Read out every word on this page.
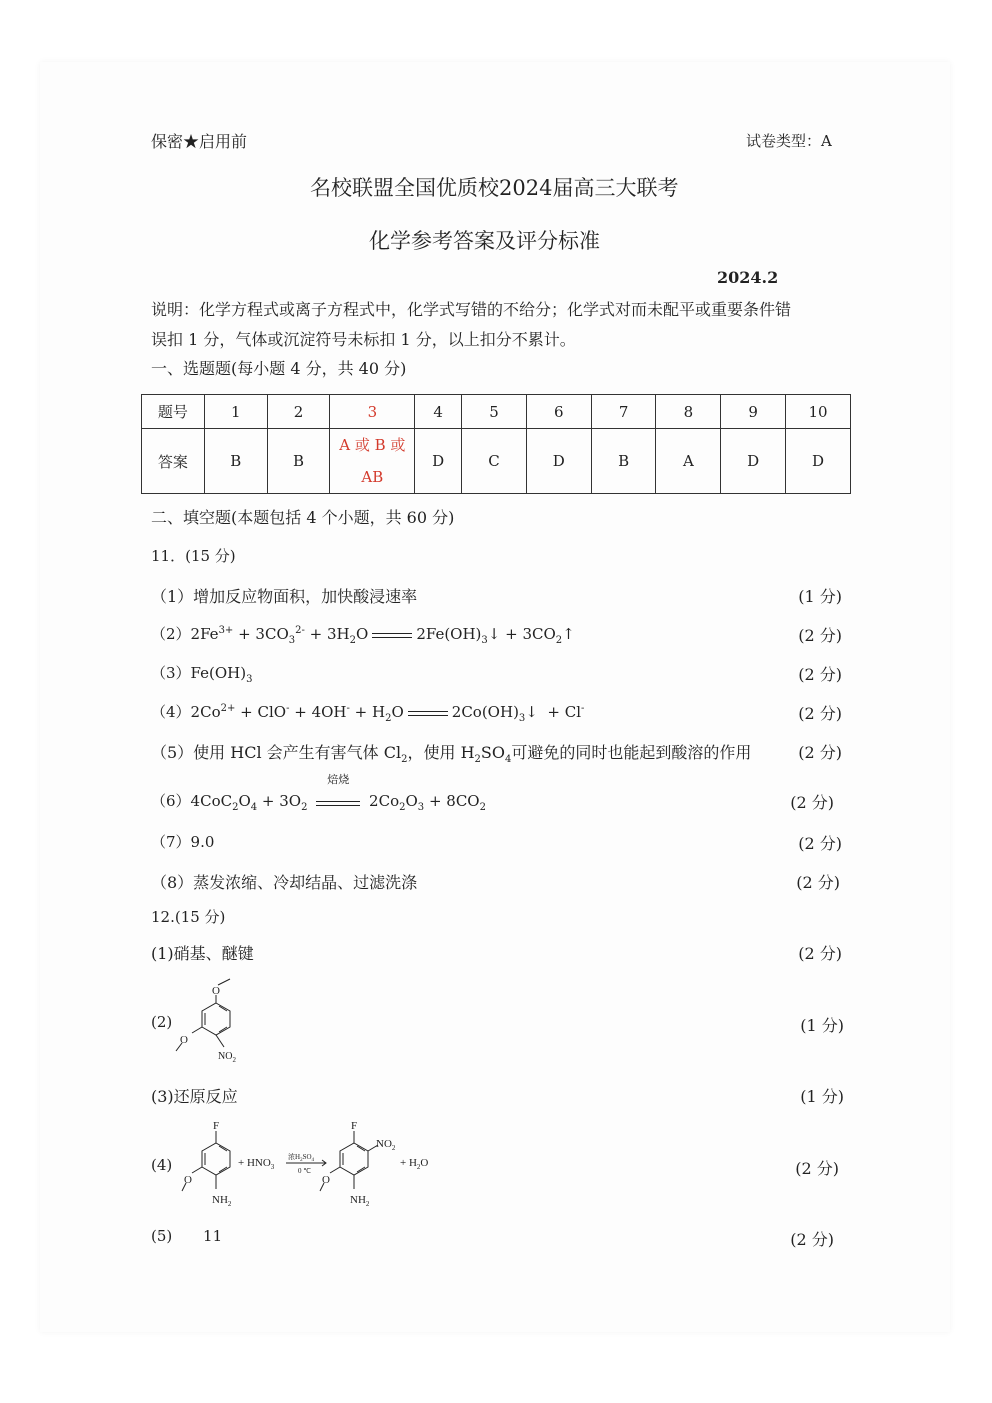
保密★启用前	试卷类型：A
名校联盟全国优质校2024届高三大联考
化学参考答案及评分标准
2024.2
说明：化学方程式或离子方程式中，化学式写错的不给分；化学式对而未配平或重要条件错
误扣 1 分，气体或沉淀符号未标扣 1 分，以上扣分不累计。
一、选题题(每小题 4 分，共 40 分)
题号	1	2	3	4	5	6	7	8	9	10
答案	B	B	A 或 B 或
AB	D	C	D	B	A	D	D
二、填空题(本题包括 4 个小题，共 60 分)
11．(15 分)
（1）增加反应物面积，加快酸浸速率	(1 分)
$(2)2Fe^{3+} + 3CO_3^{2-} + 3H_2O$	$2Fe(OH)_3↓$ + $3CO_2↑$	(2 分)
$(3)Fe(OH)_3$	(2 分)
$(4)2Co^{2+} + ClO^- + 4OH^- + H_2O$	$2Co(OH)_3↓ + Cl^-$	(2 分)
（5）使用 HCl 会产生有害气体 $Cl_2$，使用 $H_2SO_4$可避免的同时也能起到酸溶的作用	(2 分)
$(6)4CoC_2O_4 + 3O_2$
焙烧
$2Co_2O_3 + 8CO_2$	(2 分)
（7）9.0	(2 分)
（8）蒸发浓缩、冷却结晶、过滤洗涤	(2 分)
12.(15 分)
(1)硝基、醚键	(2 分)
(2)	(1 分)
O
O
$NO_2$
(3)还原反应	(1 分)
(4)	(2 分)
F
O
$NH_2$
+ $HNO_3$
浓$H_2SO_4$
0 ℃
F
$NO_2$
O
$NH_2$
+ $H_2O$
(5) 11	(2 分)
